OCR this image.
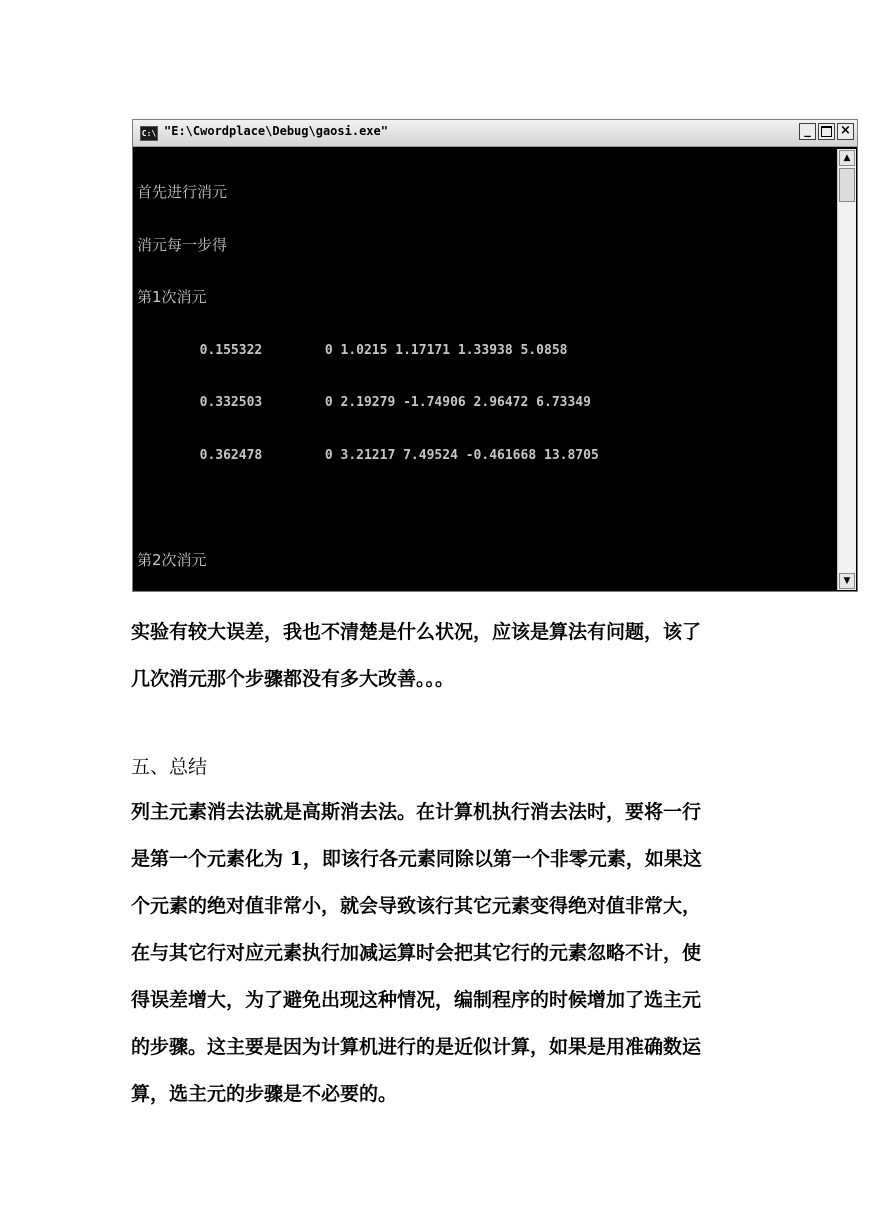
C:\ "E:\Cwordplace\Debug\gaosi.exe"	_	×

首先进行消元

消元每一步得

第1次消元

0.155322        0 1.0215 1.17171 1.33938 5.0858

0.332503        0 2.19279 -1.74906 2.96472 6.73349

0.362478        0 3.21217 7.49524 -0.461668 13.8705

第2次消元

▲
▼
实验有较大误差，我也不清楚是什么状况，应该是算法有问题，该了
几次消元那个步骤都没有多大改善。。。
五、总结
列主元素消去法就是高斯消去法。在计算机执行消去法时，要将一行
是第一个元素化为 1，即该行各元素同除以第一个非零元素，如果这
个元素的绝对值非常小，就会导致该行其它元素变得绝对值非常大，
在与其它行对应元素执行加减运算时会把其它行的元素忽略不计，使
得误差增大，为了避免出现这种情况，编制程序的时候增加了选主元
的步骤。这主要是因为计算机进行的是近似计算，如果是用准确数运
算，选主元的步骤是不必要的。
